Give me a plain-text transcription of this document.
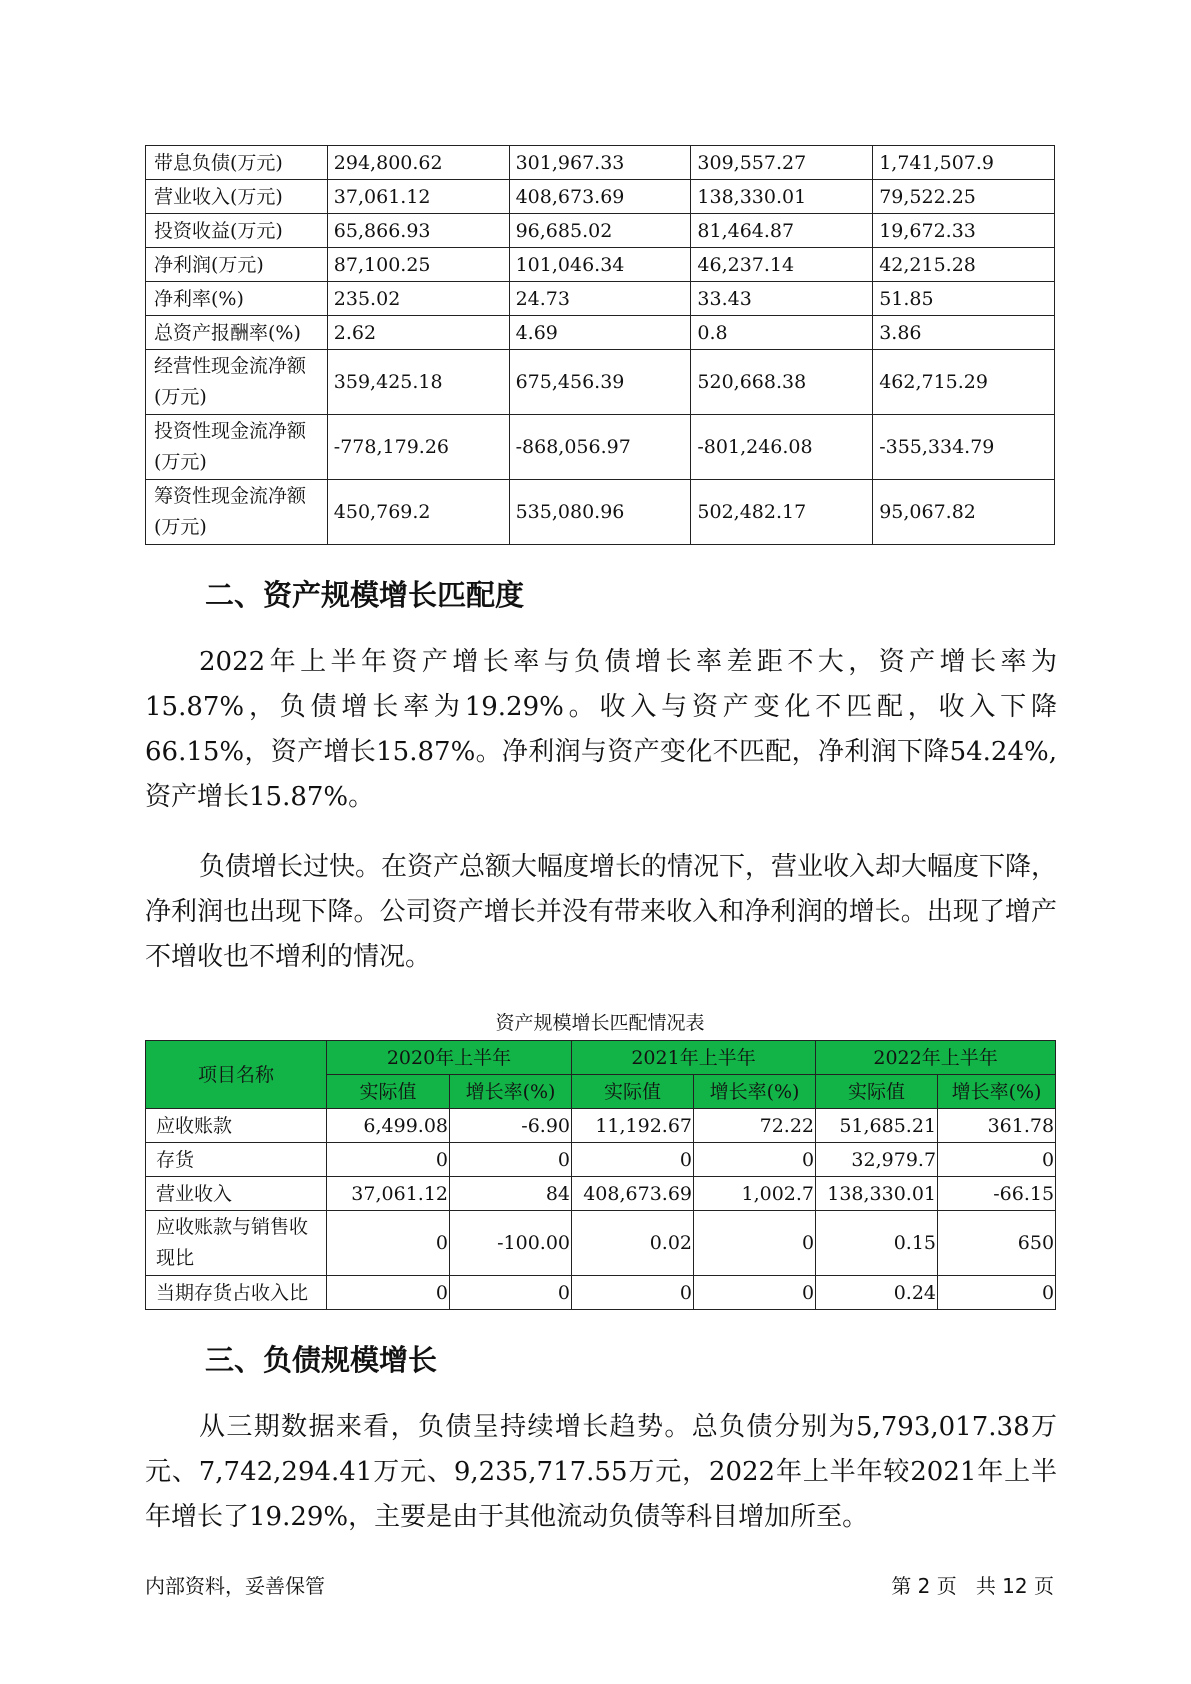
带息负债(万元)	294,800.62	301,967.33	309,557.27	1,741,507.9
营业收入(万元)	37,061.12	408,673.69	138,330.01	79,522.25
投资收益(万元)	65,866.93	96,685.02	81,464.87	19,672.33
净利润(万元)	87,100.25	101,046.34	46,237.14	42,215.28
净利率(%)	235.02	24.73	33.43	51.85
总资产报酬率(%)	2.62	4.69	0.8	3.86
经营性现金流净额(万元)	359,425.18	675,456.39	520,668.38	462,715.29
投资性现金流净额(万元)	-778,179.26	-868,056.97	-801,246.08	-355,334.79
筹资性现金流净额(万元)	450,769.2	535,080.96	502,482.17	95,067.82
二、资产规模增长匹配度

2022年上半年资产增长率与负债增长率差距不大，资产增长率为15.87%，负债增长率为19.29%。收入与资产变化不匹配，收入下降66.15%，资产增长15.87%。净利润与资产变化不匹配，净利润下降54.24%,资产增长15.87%。

负债增长过快。在资产总额大幅度增长的情况下，营业收入却大幅度下降，净利润也出现下降。公司资产增长并没有带来收入和净利润的增长。出现了增产不增收也不增利的情况。

资产规模增长匹配情况表
项目名称	2020年上半年		2021年上半年		2022年上半年	
	实际值	增长率(%)	实际值	增长率(%)	实际值	增长率(%)
应收账款	6,499.08	-6.90	11,192.67	72.22	51,685.21	361.78
存货	0	0	0	0	32,979.7	0
营业收入	37,061.12	84	408,673.69	1,002.7	138,330.01	-66.15
应收账款与销售收现比	0	-100.00	0.02	0	0.15	650
当期存货占收入比	0	0	0	0	0.24	0
三、负债规模增长

从三期数据来看，负债呈持续增长趋势。总负债分别为5,793,017.38万元、7,742,294.41万元、9,235,717.55万元，2022年上半年较2021年上半年增长了19.29%，主要是由于其他流动负债等科目增加所至。

内部资料，妥善保管	第 2 页   共 12 页
